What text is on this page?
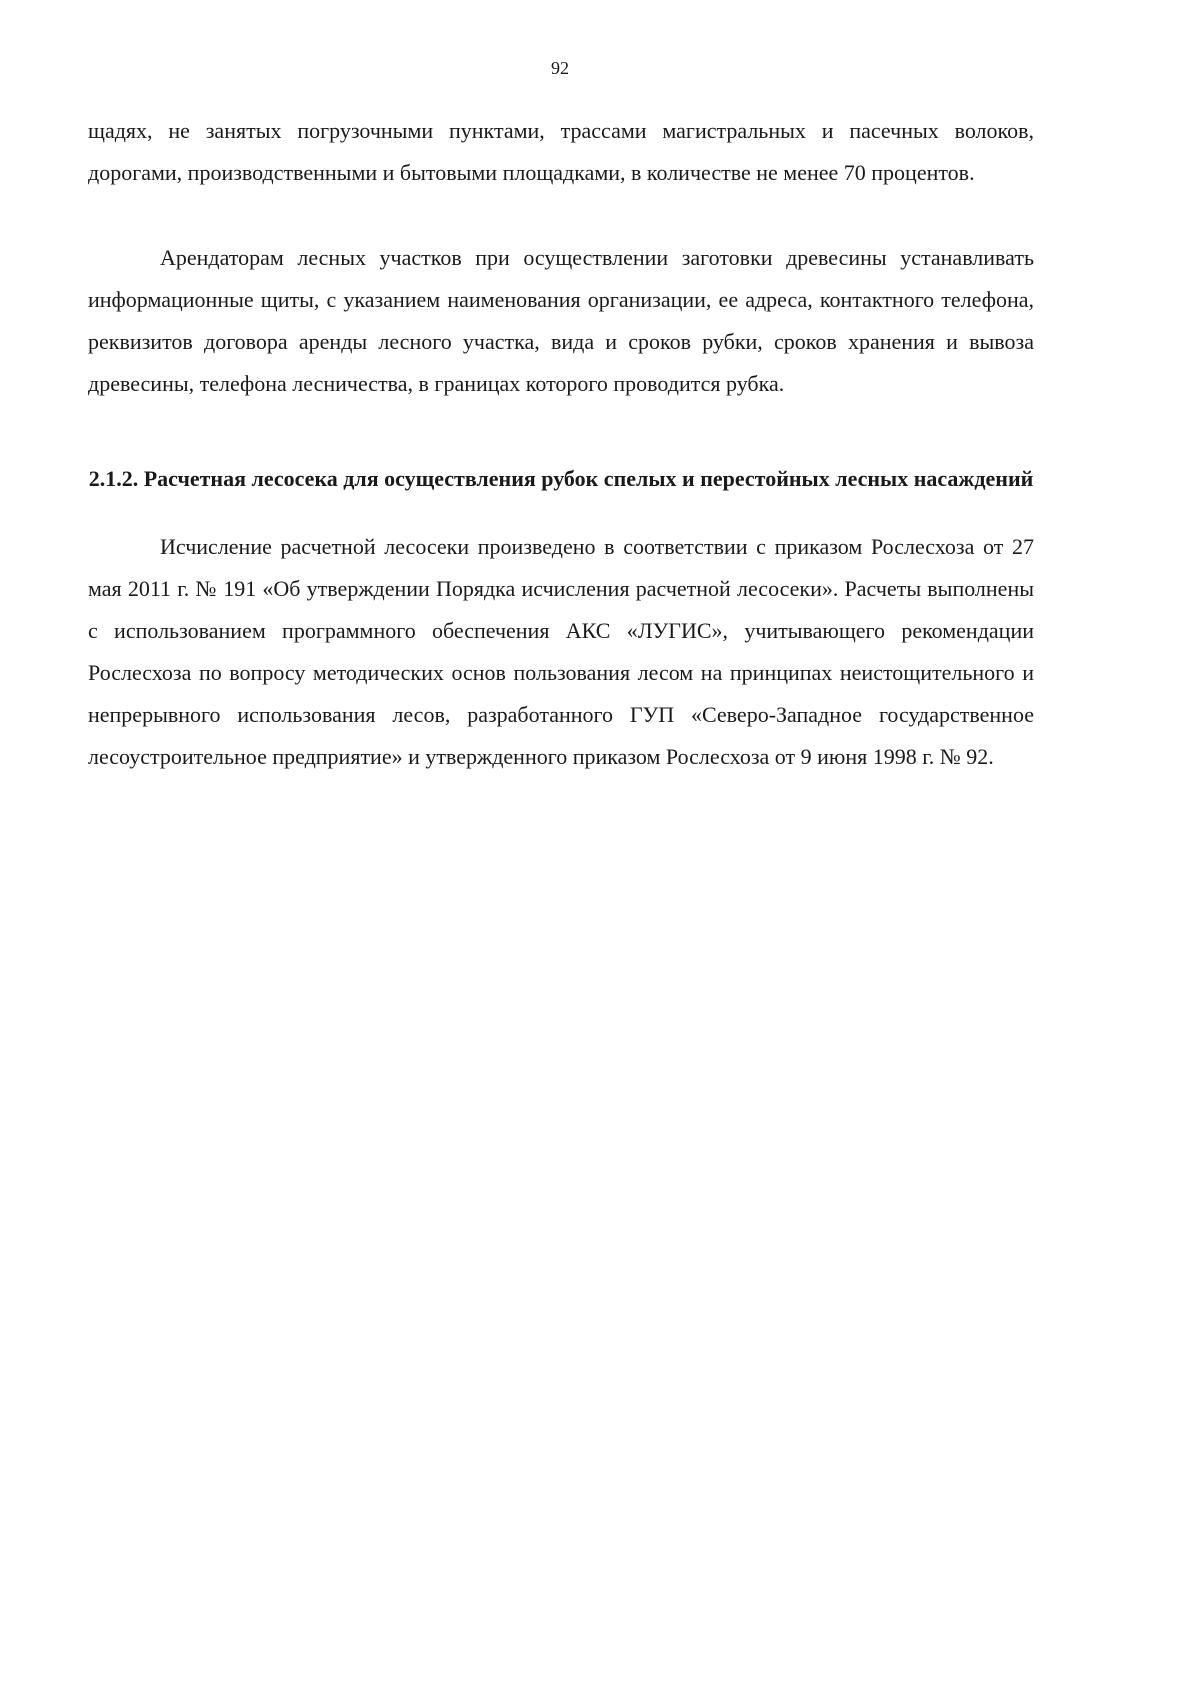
92

щадях, не занятых погрузочными пунктами, трассами магистральных и пасечных волоков, дорогами, производственными и бытовыми площадками, в количестве не менее 70 процентов.

Арендаторам лесных участков при осуществлении заготовки древесины устанавливать информационные щиты, с указанием наименования организации, ее адреса, контактного телефона, реквизитов договора аренды лесного участка, вида и сроков рубки, сроков хранения и вывоза древесины, телефона лесничества, в границах которого проводится рубка.

2.1.2. Расчетная лесосека для осуществления рубок спелых и перестойных лесных насаждений

Исчисление расчетной лесосеки произведено в соответствии с приказом Рослесхоза от 27 мая 2011 г. № 191 «Об утверждении Порядка исчисления расчетной лесосеки». Расчеты выполнены с использованием программного обеспечения АКС «ЛУГИС», учитывающего рекомендации Рослесхоза по вопросу методических основ пользования лесом на принципах неистощительного и непрерывного использования лесов, разработанного ГУП «Северо-Западное государственное лесоустроительное предприятие» и утвержденного приказом Рослесхоза от 9 июня 1998 г. № 92.
